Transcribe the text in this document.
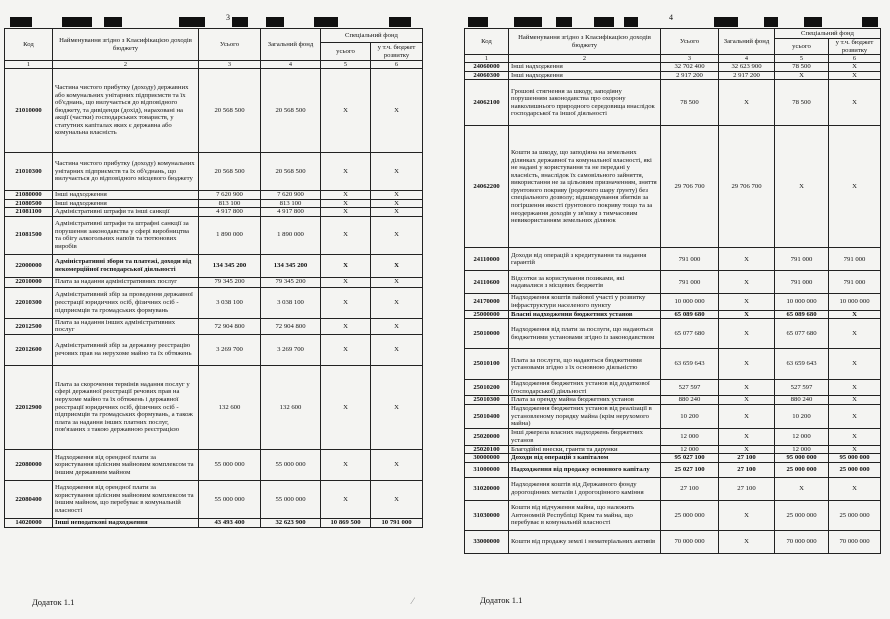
3
Код	Найменування згідно з Класифікацією доходів бюджету	Усього	Загальний фонд	Спеціальний фонд	
				усього	у т.ч. бюджет розвитку
1	2	3	4	5	6
21010000	Частина чистого прибутку (доходу) державних або комунальних унітарних підприємств та їх об'єднань, що вилучається до відповідного бюджету, та дивіденди (дохід), нараховані на акції (частки) господарських товариств, у статутних капіталах яких є державна або комунальна власність	20 568 500	20 568 500	X	X
21010300	Частина чистого прибутку (доходу) комунальних унітарних підприємств та їх об'єднань, що вилучається до відповідного місцевого бюджету	20 568 500	20 568 500	X	X
21080000	Інші надходження	7 620 900	7 620 900	X	X
21080500	Інші надходження	813 100	813 100	X	X
21081100	Адміністративні штрафи та інші санкції	4 917 800	4 917 800	X	X
21081500	Адміністративні штрафи та штрафні санкції за порушення законодавства у сфері виробництва та обігу алкогольних напоїв та тютюнових виробів	1 890 000	1 890 000	X	X
22000000	Адміністративні збори та платежі, доходи від некомерційної господарської діяльності	134 345 200	134 345 200	X	X
22010000	Плата за надання адміністративних послуг	79 345 200	79 345 200	X	X
22010300	Адміністративний збір за проведення державної реєстрації юридичних осіб, фізичних осіб - підприємців та громадських формувань	3 038 100	3 038 100	X	X
22012500	Плата за надання інших адміністративних послуг	72 904 800	72 904 800	X	X
22012600	Адміністративний збір за державну реєстрацію речових прав на нерухоме майно та їх обтяжень	3 269 700	3 269 700	X	X
22012900	Плата за скорочення термінів надання послуг у сфері державної реєстрації речових прав на нерухоме майно та їх обтяжень і державної реєстрації юридичних осіб, фізичних осіб - підприємців та громадських формувань, а також плата за надання інших платних послуг, пов'язаних з такою державною реєстрацією	132 600	132 600	X	X
22080000	Надходження від орендної плати за користування цілісним майновим комплексом та іншим державним майном	55 000 000	55 000 000	X	X
22080400	Надходження від орендної плати за користування цілісним майновим комплексом та іншим майном, що перебуває в комунальній власності	55 000 000	55 000 000	X	X
14020000	Інші неподаткові надходження	43 493 400	32 623 900	10 869 500	10 791 000
4
Код	Найменування згідно з Класифікацією доходів бюджету	Усього	Загальний фонд	Спеціальний фонд	
				усього	у т.ч. бюджет розвитку
1	2	3	4	5	6
24060000	Інші надходження	32 702 400	32 623 900	78 500	X
24060300	Інші надходження	2 917 200	2 917 200	X	X
24062100	Грошові стягнення за шкоду, заподіяну порушенням законодавства про охорону навколишнього природного середовища внаслідок господарської та іншої діяльності	78 500	X	78 500	X
24062200	Кошти за шкоду, що заподіяна на земельних ділянках державної та комунальної власності, які не надані у користування та не передані у власність, внаслідок їх самовільного зайняття, використання не за цільовим призначенням, зняття ґрунтового покриву (родючого шару ґрунту) без спеціального дозволу; відшкодування збитків за погіршення якості ґрунтового покриву тощо та за неодержання доходів у зв'язку з тимчасовим невикористанням земельних ділянок	29 706 700	29 706 700	X	X
24110000	Доходи від операцій з кредитування та надання гарантій	791 000	X	791 000	791 000
24110600	Відсотки за користування позиками, які надавалися з місцевих бюджетів	791 000	X	791 000	791 000
24170000	Надходження коштів пайової участі у розвитку інфраструктури населеного пункту	10 000 000	X	10 000 000	10 000 000
25000000	Власні надходження бюджетних установ	65 089 680	X	65 089 680	X
25010000	Надходження від плати за послуги, що надаються бюджетними установами згідно із законодавством	65 077 680	X	65 077 680	X
25010100	Плата за послуги, що надаються бюджетними установами згідно з їх основною діяльністю	63 659 643	X	63 659 643	X
25010200	Надходження бюджетних установ від додаткової (господарської) діяльності	527 597	X	527 597	X
25010300	Плата за оренду майна бюджетних установ	880 240	X	880 240	X
25010400	Надходження бюджетних установ від реалізації в установленому порядку майна (крім нерухомого майна)	10 200	X	10 200	X
25020000	Інші джерела власних надходжень бюджетних установ	12 000	X	12 000	X
25020100	Благодійні внески, гранти та дарунки	12 000	X	12 000	X
30000000	Доходи від операцій з капіталом	95 027 100	27 100	95 000 000	95 000 000
31000000	Надходження від продажу основного капіталу	25 027 100	27 100	25 000 000	25 000 000
31020000	Надходження коштів від Державного фонду дорогоцінних металів і дорогоцінного каміння	27 100	27 100	X	X
31030000	Кошти від відчуження майна, що належить Автономній Республіці Крим та майна, що перебуває в комунальній власності	25 000 000	X	25 000 000	25 000 000
33000000	Кошти від продажу землі і нематеріальних активів	70 000 000	X	70 000 000	70 000 000
Додаток 1.1	Додаток 1.1
⁄
